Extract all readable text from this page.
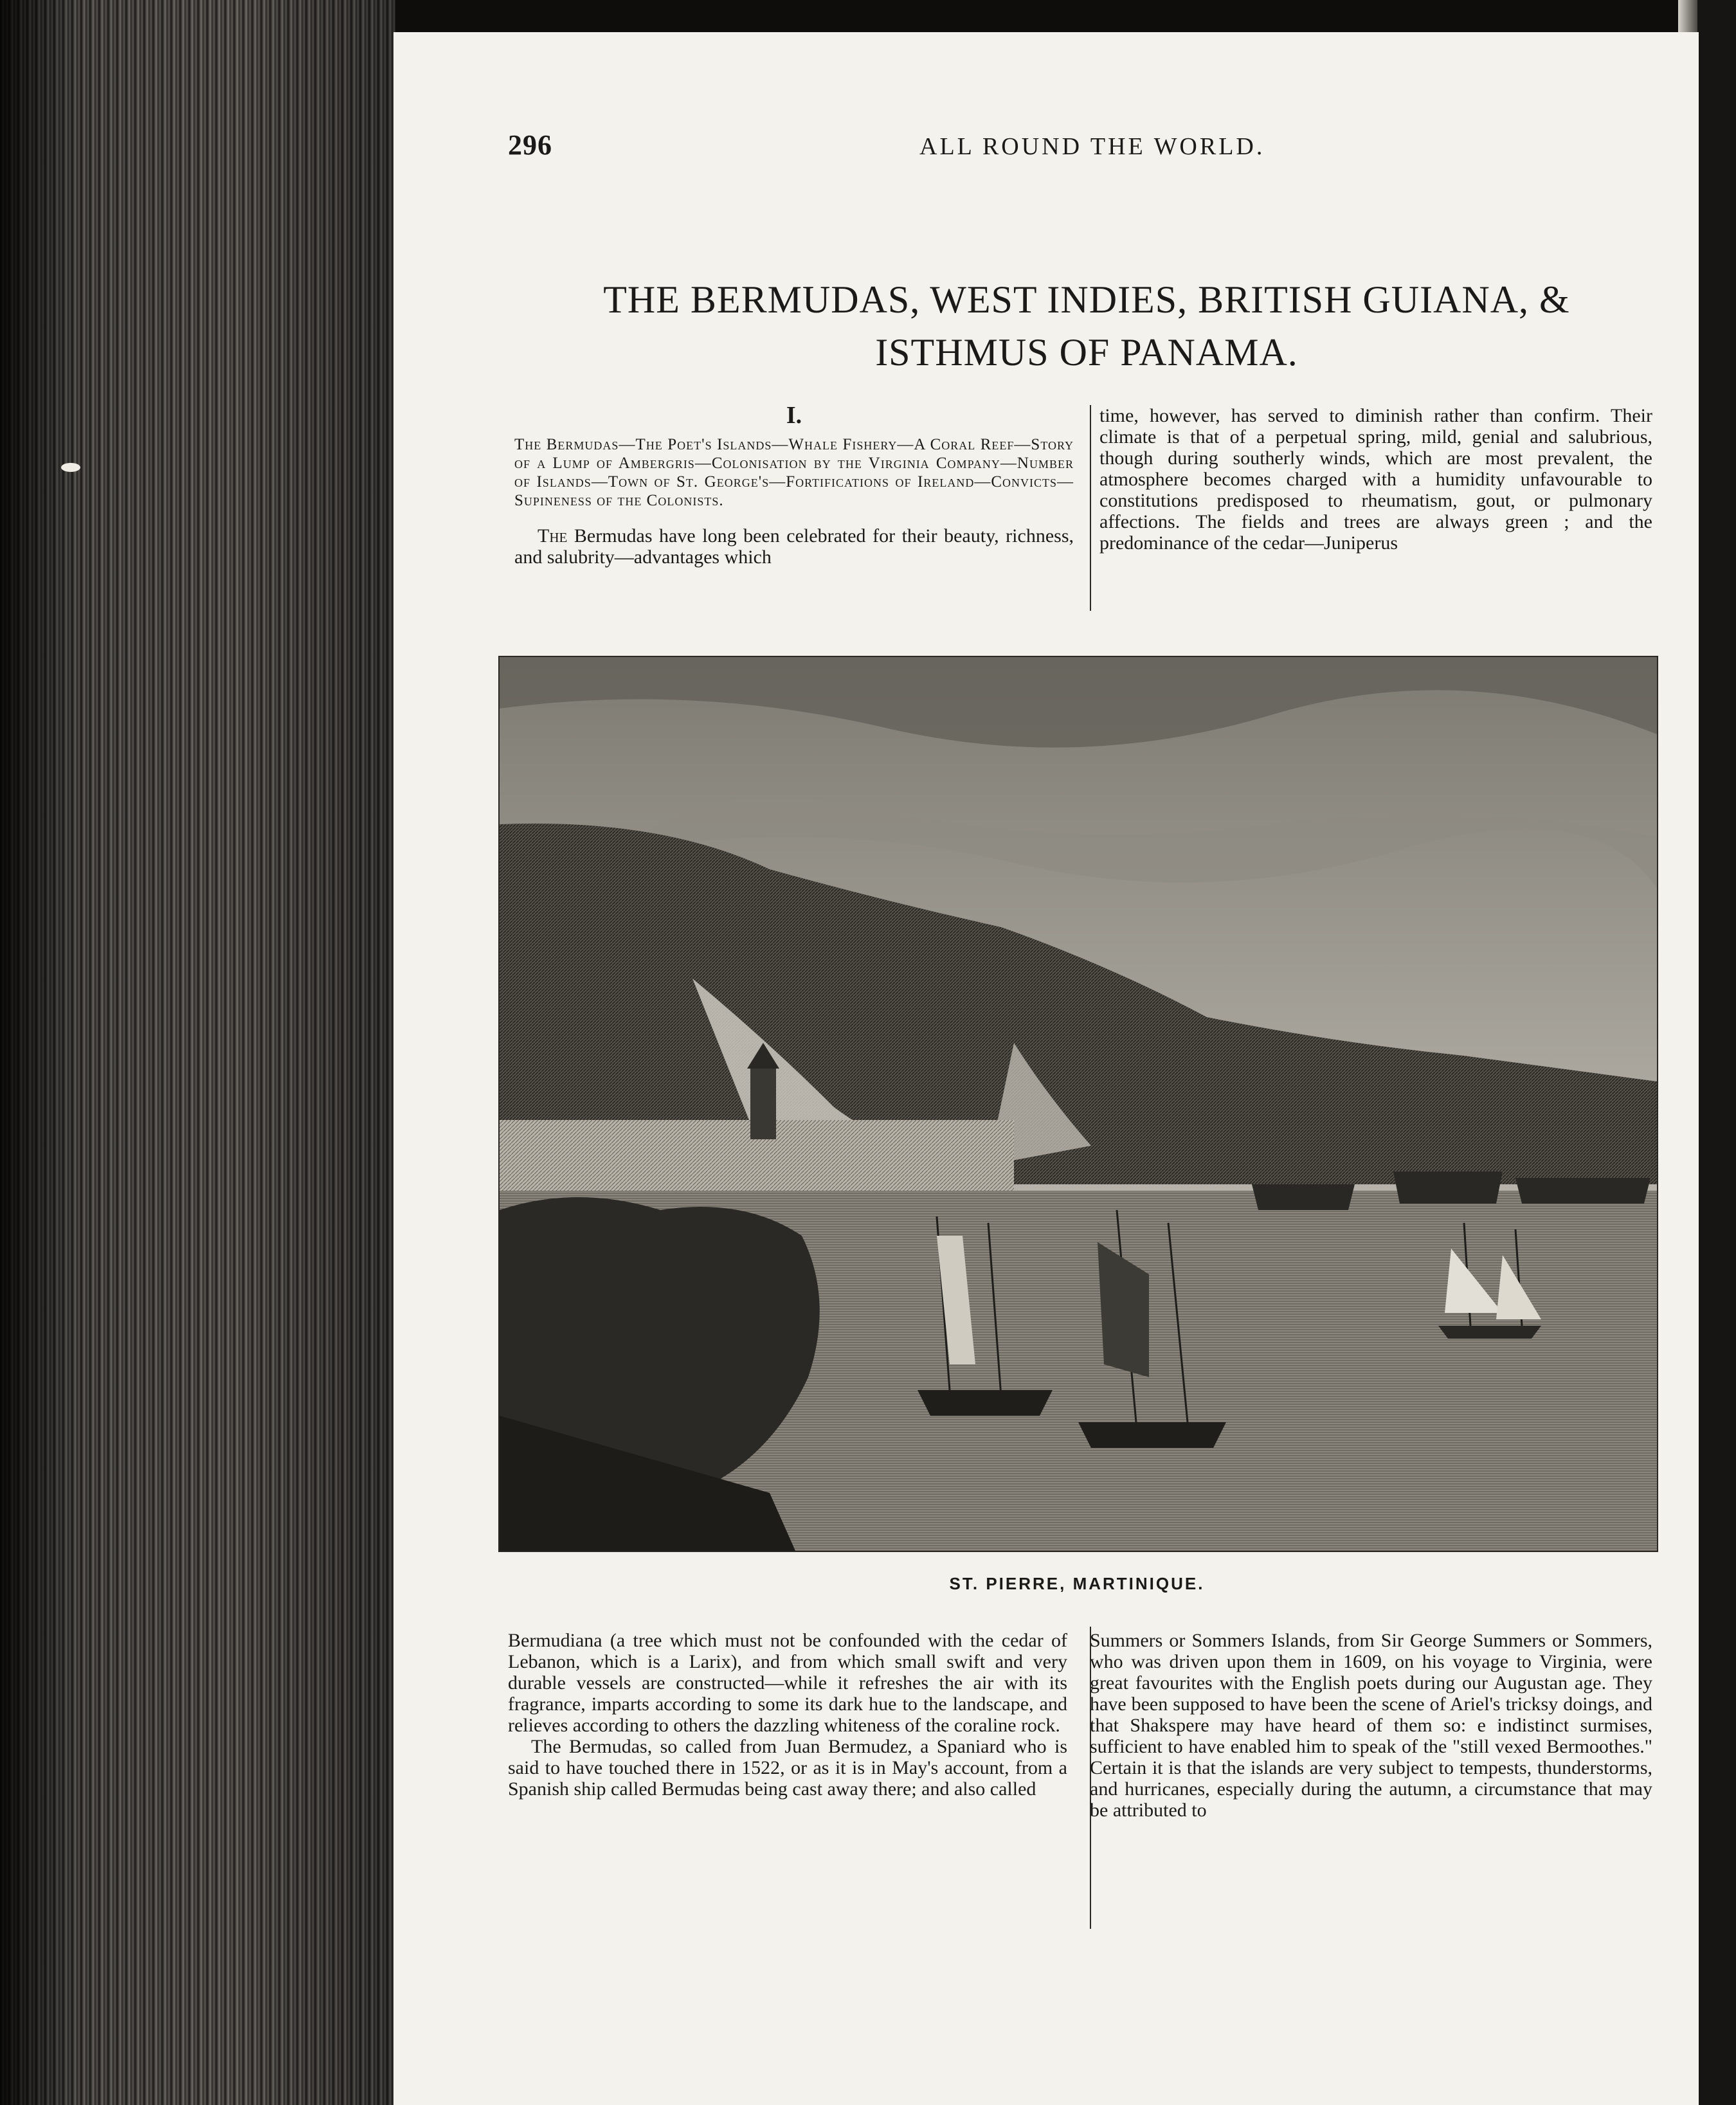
296	ALL ROUND THE WORLD.
THE BERMUDAS, WEST INDIES, BRITISH GUIANA, & ISTHMUS OF PANAMA.
I.

The Bermudas—The Poet's Islands—Whale Fishery—A Coral Reef—Story of a Lump of Ambergris—Colonisation by the Virginia Company—Number of Islands—Town of St. George's—Fortifications of Ireland—Convicts—Supineness of the Colonists.

The Bermudas have long been celebrated for their beauty, richness, and salubrity—advantages which

time, however, has served to diminish rather than confirm. Their climate is that of a perpetual spring, mild, genial and salubrious, though during southerly winds, which are most prevalent, the atmosphere becomes charged with a humidity unfavourable to constitutions predisposed to rheumatism, gout, or pulmonary affections. The fields and trees are always green ; and the predominance of the cedar—Juniperus

ST. PIERRE, MARTINIQUE.

Bermudiana (a tree which must not be confounded with the cedar of Lebanon, which is a Larix), and from which small swift and very durable vessels are constructed—while it refreshes the air with its fragrance, imparts according to some its dark hue to the landscape, and relieves according to others the dazzling whiteness of the coraline rock.

The Bermudas, so called from Juan Bermudez, a Spaniard who is said to have touched there in 1522, or as it is in May's account, from a Spanish ship called Bermudas being cast away there; and also called

Summers or Sommers Islands, from Sir George Summers or Sommers, who was driven upon them in 1609, on his voyage to Virginia, were great favourites with the English poets during our Augustan age. They have been supposed to have been the scene of Ariel's tricksy doings, and that Shakspere may have heard of them so: e indistinct surmises, sufficient to have enabled him to speak of the "still vexed Bermoothes." Certain it is that the islands are very subject to tempests, thunderstorms, and hurricanes, especially during the autumn, a circumstance that may be attributed to
